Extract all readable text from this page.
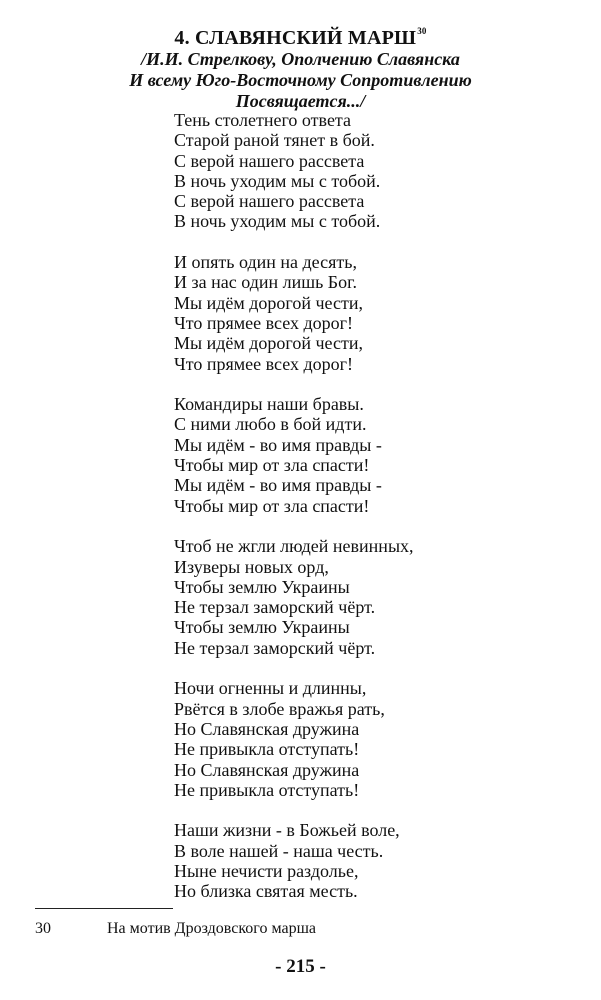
4. СЛАВЯНСКИЙ МАРШ$^{30}$
/И.И. Стрелкову, Ополчению Славянска
И всему Юго-Восточному Сопротивлению
Посвящается.../
Тень столетнего ответа
Старой раной тянет в бой.
С верой нашего рассвета
В ночь уходим мы с тобой.
С верой нашего рассвета
В ночь уходим мы с тобой.
И опять один на десять,
И за нас один лишь Бог.
Мы идём дорогой чести,
Что прямее всех дорог!
Мы идём дорогой чести,
Что прямее всех дорог!
Командиры наши бравы.
С ними любо в бой идти.
Мы идём - во имя правды -
Чтобы мир от зла спасти!
Мы идём - во имя правды -
Чтобы мир от зла спасти!
Чтоб не жгли людей невинных,
Изуверы новых орд,
Чтобы землю Украины
Не терзал заморский чёрт.
Чтобы землю Украины
Не терзал заморский чёрт.
Ночи огненны и длинны,
Рвётся в злобе вражья рать,
Но Славянская дружина
Не привыкла отступать!
Но Славянская дружина
Не привыкла отступать!
Наши жизни - в Божьей воле,
В воле нашей - наша честь.
Ныне нечисти раздолье,
Но близка святая месть.
30	На мотив Дроздовского марша
- 215 -
